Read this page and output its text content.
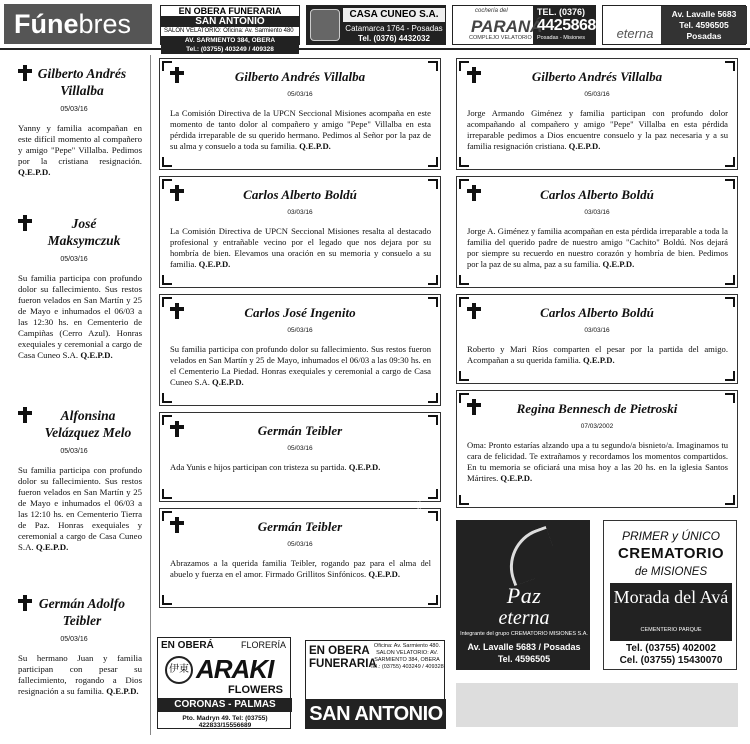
Fúnebres	EN OBERA FUNERARIA
SAN ANTONIO
SALON VELATORIO: Oficina: Av. Sarmiento 480
AV. SARMIENTO 384, OBERA
Tel.: (03755) 403249 / 409328
CASA CUNEO S.A.
Catamarca 1764 - Posadas
Tel. (0376) 4432032
cochería del
PARANÁ
COMPLEJO VELATORIO
TEL. (0376)
4425868
Posadas - Misiones	eterna
Av. Lavalle 5683
Tel. 4596505
Posadas
Gilberto Andrés Villalba
05/03/16
Yanny y familia acompañan en este difícil momento al compañero y amigo "Pepe" Villalba. Pedimos por la cristiana resignación. Q.E.P.D.
José Maksymczuk
05/03/16
Su familia participa con profundo dolor su fallecimiento. Sus restos fueron velados en San Martín y 25 de Mayo e inhumados el 06/03 a las 12:30 hs. en Cementerio de Campiñas (Cerro Azul). Honras exequiales y ceremonial a cargo de Casa Cuneo S.A. Q.E.P.D.
Alfonsina Velázquez Melo
05/03/16
Su familia participa con profundo dolor su fallecimiento. Sus restos fueron velados en San Martín y 25 de Mayo e inhumados el 06/03 a las 12:10 hs. en Cementerio Tierra de Paz. Honras exequiales y ceremonial a cargo de Casa Cuneo S.A. Q.E.P.D.
Germán Adolfo Teibler
05/03/16
Su hermano Juan y familia participan con pesar su fallecimiento, rogando a Dios resignación a su familia. Q.E.P.D.
Gilberto Andrés Villalba
05/03/16
La Comisión Directiva de la UPCN Seccional Misiones acompaña en este momento de tanto dolor al compañero y amigo "Pepe" Villalba en esta pérdida irreparable de su querido hermano. Pedimos al Señor por la paz de su alma y consuelo a toda su familia. Q.E.P.D.
Carlos Alberto Boldú
03/03/16
La Comisión Directiva de UPCN Seccional Misiones resalta al destacado profesional y entrañable vecino por el legado que nos dejara por su hombría de bien. Elevamos una oración en su memoria y consuelo a su familia. Q.E.P.D.
Carlos José Ingenito
05/03/16
Su familia participa con profundo dolor su fallecimiento. Sus restos fueron velados en San Martín y 25 de Mayo, inhumados el 06/03 a las 09:30 hs. en el Cementerio La Piedad. Honras exequiales y ceremonial a cargo de Casa Cuneo S.A. Q.E.P.D.
Germán Teibler
05/03/16
Ada Yunis e hijos participan con tristeza su partida. Q.E.P.D.
Germán Teibler
05/03/16
Abrazamos a la querida familia Teibler, rogando paz para el alma del abuelo y fuerza en el amor. Firmado Grillitos Sinfónicos. Q.E.P.D.
Gilberto Andrés Villalba
05/03/16
Jorge Armando Giménez y familia participan con profundo dolor acompañando al compañero y amigo "Pepe" Villalba en esta pérdida irreparable pedimos a Dios encuentre consuelo y la paz necesaria y a su familia resignación cristiana. Q.E.P.D.
Carlos Alberto Boldú
03/03/16
Jorge A. Giménez y familia acompañan en esta pérdida irreparable a toda la familia del querido padre de nuestro amigo "Cachito" Boldú. Nos dejará por siempre su recuerdo en nuestro corazón y hombría de bien. Pedimos por la paz de su alma, paz a su familia. Q.E.P.D.
Carlos Alberto Boldú
03/03/16
Roberto y Mari Ríos comparten el pesar por la partida del amigo. Acompañan a su querida familia. Q.E.P.D.
Regina Bennesch de Pietroski
07/03/2002
Oma: Pronto estarías alzando upa a tu segundo/a bisnieto/a. Imaginamos tu cara de felicidad. Te extrañamos y recordamos los momentos compartidos. En tu memoria se oficiará una misa hoy a las 20 hs. en la iglesia Santos Mártires. Q.E.P.D.
EN OBERÁ	FLORERÍA
伊東 ARAKI
FLOWERS
CORONAS - PALMAS
Pto. Madryn 49. Tel: (03755) 422833/15556689
EN OBERA
FUNERARIA
Oficina: Av. Sarmiento 480. SALON VELATORIO: AV. SARMIENTO 384, OBERA Tel.: (03755) 403249 / 409328
SAN ANTONIO
EMPRESA DE SERVICIOS FÚNEBRES
Paz
eterna
Integrante del grupo CREMATORIO MISIONES S.A.
Av. Lavalle 5683 / Posadas
Tel. 4596505
PRIMER y ÚNICO
CREMATORIO
de MISIONES
Morada del Avá
CEMENTERIO PARQUE
Tel. (03755) 402002
Cel. (03755) 15430070
